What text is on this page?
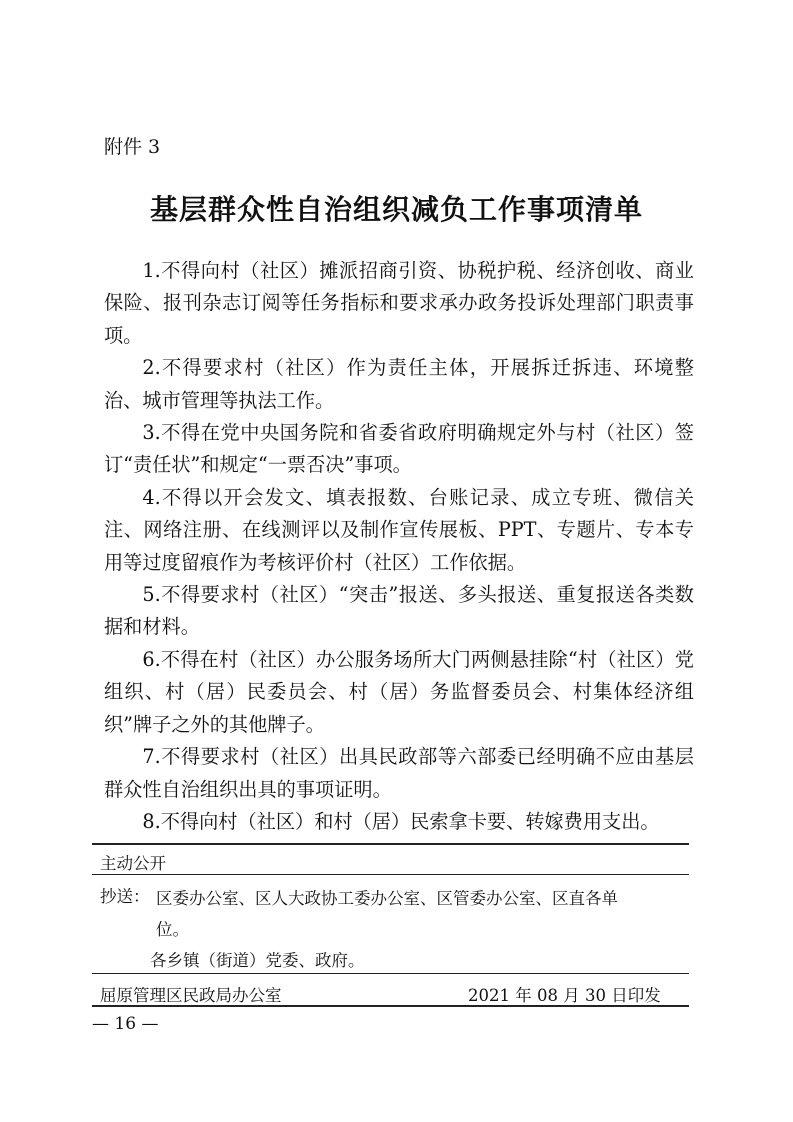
附件 3
基层群众性自治组织减负工作事项清单

1.不得向村（社区）摊派招商引资、协税护税、经济创收、商业保险、报刊杂志订阅等任务指标和要求承办政务投诉处理部门职责事项。

2.不得要求村（社区）作为责任主体，开展拆迁拆违、环境整治、城市管理等执法工作。

3.不得在党中央国务院和省委省政府明确规定外与村（社区）签订“责任状”和规定“一票否决”事项。

4.不得以开会发文、填表报数、台账记录、成立专班、微信关注、网络注册、在线测评以及制作宣传展板、PPT、专题片、专本专用等过度留痕作为考核评价村（社区）工作依据。

5.不得要求村（社区）“突击”报送、多头报送、重复报送各类数据和材料。

6.不得在村（社区）办公服务场所大门两侧悬挂除“村（社区）党组织、村（居）民委员会、村（居）务监督委员会、村集体经济组织”牌子之外的其他牌子。

7.不得要求村（社区）出具民政部等六部委已经明确不应由基层群众性自治组织出具的事项证明。

8.不得向村（社区）和村（居）民索拿卡要、转嫁费用支出。

主动公开
抄送： 区委办公室、区人大政协工委办公室、区管委办公室、区直各单
位。
各乡镇（街道）党委、政府。
屈原管理区民政局办公室	2021 年 08 月 30 日印发
— 16 —
